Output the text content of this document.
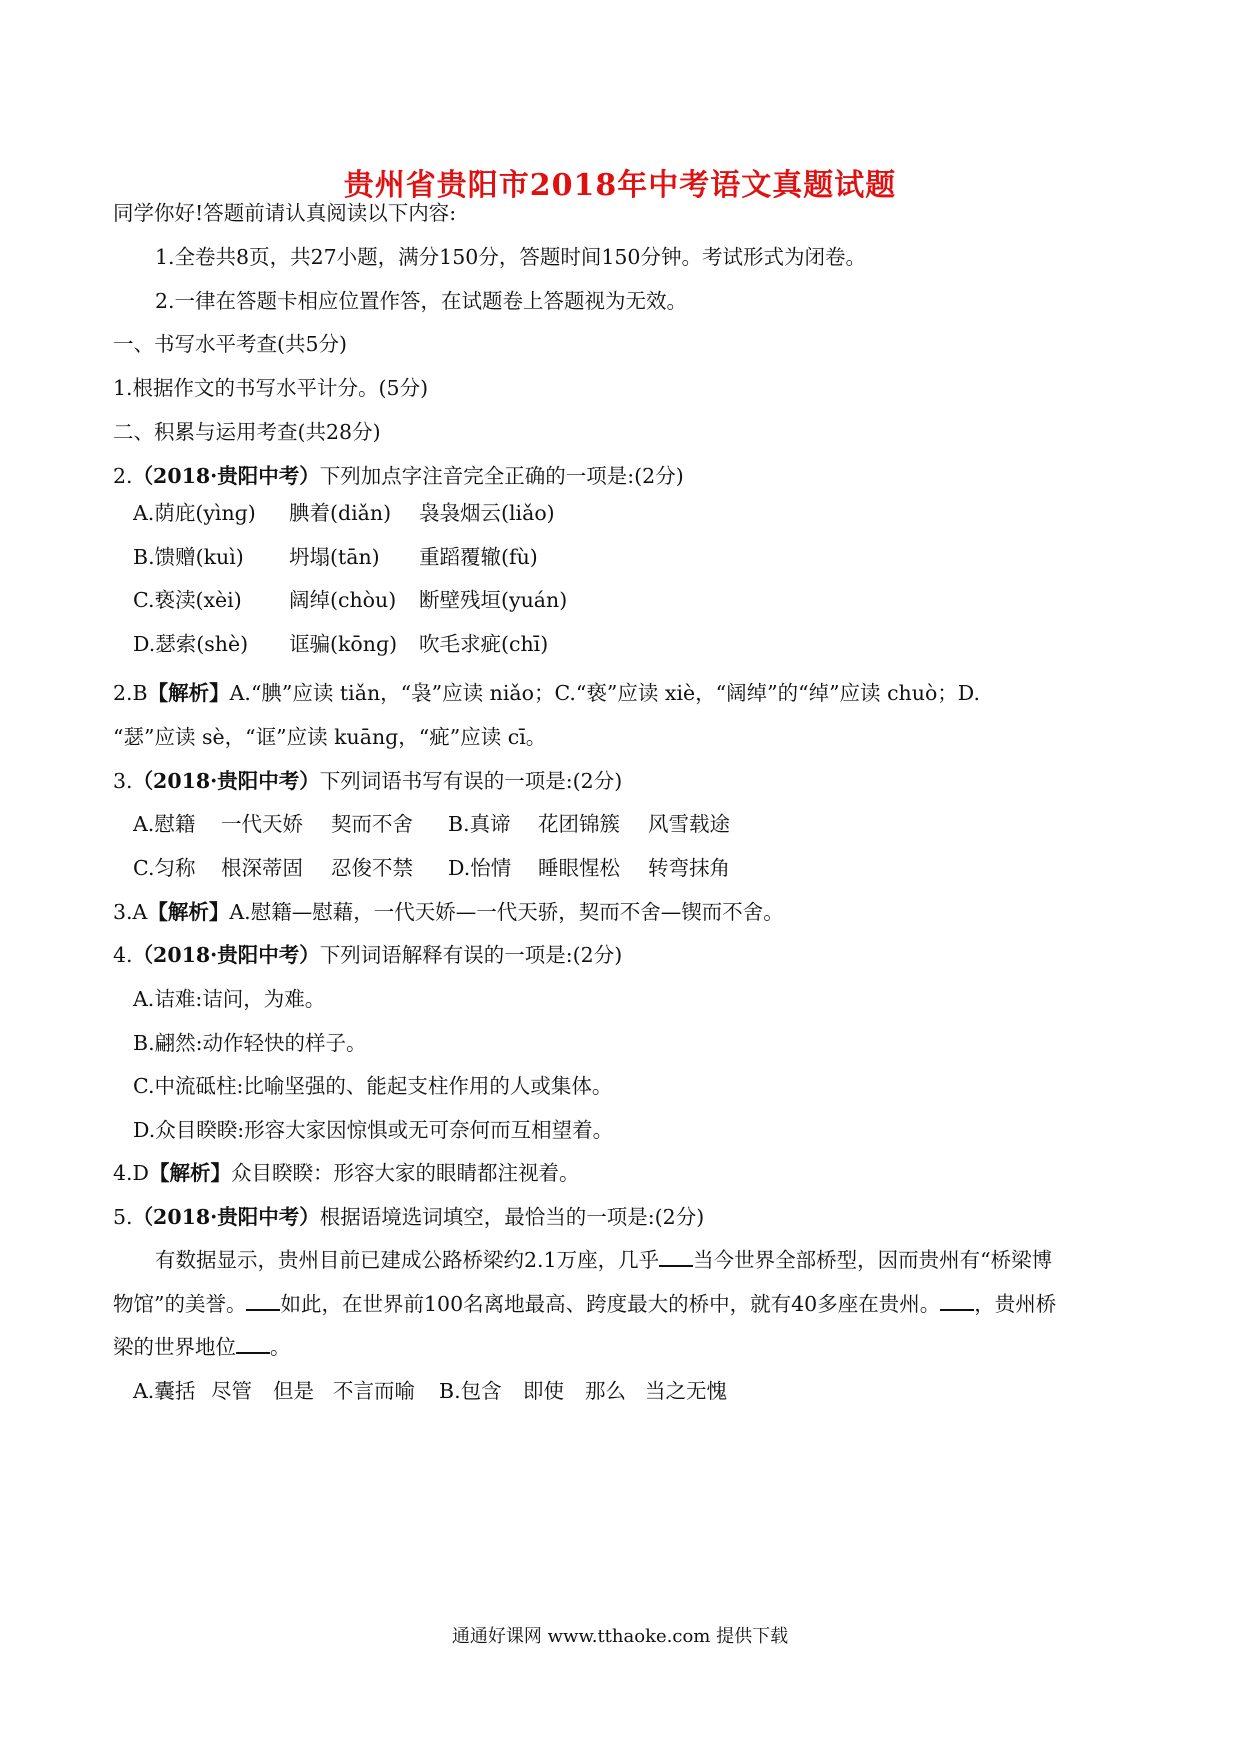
贵州省贵阳市2018年中考语文真题试题
同学你好!答题前请认真阅读以下内容:
1.全卷共8页，共27小题，满分150分，答题时间150分钟。考试形式为闭卷。
2.一律在答题卡相应位置作答，在试题卷上答题视为无效。
一、书写水平考查(共5分)
1.根据作文的书写水平计分。(5分)
二、积累与运用考查(共28分)
2.（2018·贵阳中考）下列加点字注音完全正确的一项是:(2分)
A.荫庇(yìnɡ) 腆着(diǎn) 袅袅烟云(liǎo)
B.馈赠(kuì) 坍塌(tān) 重蹈覆辙(fù)
C.亵渎(xèi) 阔绰(chòu) 断壁残垣(yuán)
D.瑟索(shè) 诓骗(kōnɡ) 吹毛求疵(chī)
2.B【解析】A.“腆”应读 tiǎn，“袅”应读 niǎo；C.“亵”应读 xiè，“阔绰”的“绰”应读 chuò；D.
“瑟”应读 sè，“诓”应读 kuānɡ，“疵”应读 cī。
3.（2018·贵阳中考）下列词语书写有误的一项是:(2分)
A.慰籍 一代天娇 契而不舍 B.真谛 花团锦簇 风雪载途
C.匀称 根深蒂固 忍俊不禁 D.怡情 睡眼惺松 转弯抹角
3.A【解析】A.慰籍—慰藉，一代天娇—一代天骄，契而不舍—锲而不舍。
4.（2018·贵阳中考）下列词语解释有误的一项是:(2分)
A.诘难:诘问，为难。
B.翩然:动作轻快的样子。
C.中流砥柱:比喻坚强的、能起支柱作用的人或集体。
D.众目睽睽:形容大家因惊惧或无可奈何而互相望着。
4.D【解析】众目睽睽：形容大家的眼睛都注视着。
5.（2018·贵阳中考）根据语境选词填空，最恰当的一项是:(2分)
有数据显示，贵州目前已建成公路桥梁约2.1万座，几乎 当今世界全部桥型，因而贵州有“桥梁博
物馆”的美誉。 如此，在世界前100名离地最高、跨度最大的桥中，就有40多座在贵州。 ，贵州桥
梁的世界地位 。
A.囊括 尽管 但是 不言而喻 B.包含 即使 那么 当之无愧
通通好课网 www.tthaoke.com 提供下载
